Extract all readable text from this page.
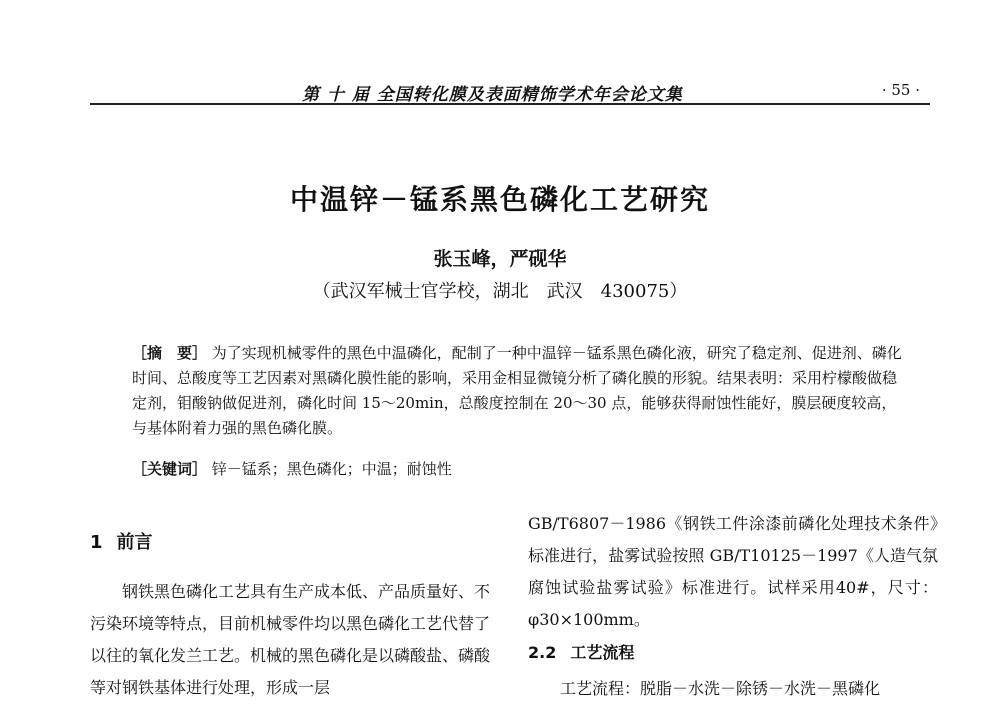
第 十 届 全国转化膜及表面精饰学术年会论文集	· 55 ·
中温锌－锰系黑色磷化工艺研究
张玉峰，严砚华
（武汉军械士官学校，湖北　武汉　430075）
［摘　要］ 为了实现机械零件的黑色中温磷化，配制了一种中温锌－锰系黑色磷化液，研究了稳定剂、促进剂、磷化时间、总酸度等工艺因素对黑磷化膜性能的影响，采用金相显微镜分析了磷化膜的形貌。结果表明：采用柠檬酸做稳定剂，钼酸钠做促进剂，磷化时间 15～20min，总酸度控制在 20～30 点，能够获得耐蚀性能好，膜层硬度较高，与基体附着力强的黑色磷化膜。
［关键词］ 锌－锰系；黑色磷化；中温；耐蚀性
1 前言

钢铁黑色磷化工艺具有生产成本低、产品质量好、不污染环境等特点，目前机械零件均以黑色磷化工艺代替了以往的氧化发兰工艺。机械的黑色磷化是以磷酸盐、磷酸等对钢铁基体进行处理，形成一层

GB/T6807－1986《钢铁工件涂漆前磷化处理技术条件》标准进行，盐雾试验按照 GB/T10125－1997《人造气氛腐蚀试验盐雾试验》标准进行。试样采用40#，尺寸：φ30×100mm。

2.2 工艺流程

工艺流程：脱脂－水洗－除锈－水洗－黑磷化
